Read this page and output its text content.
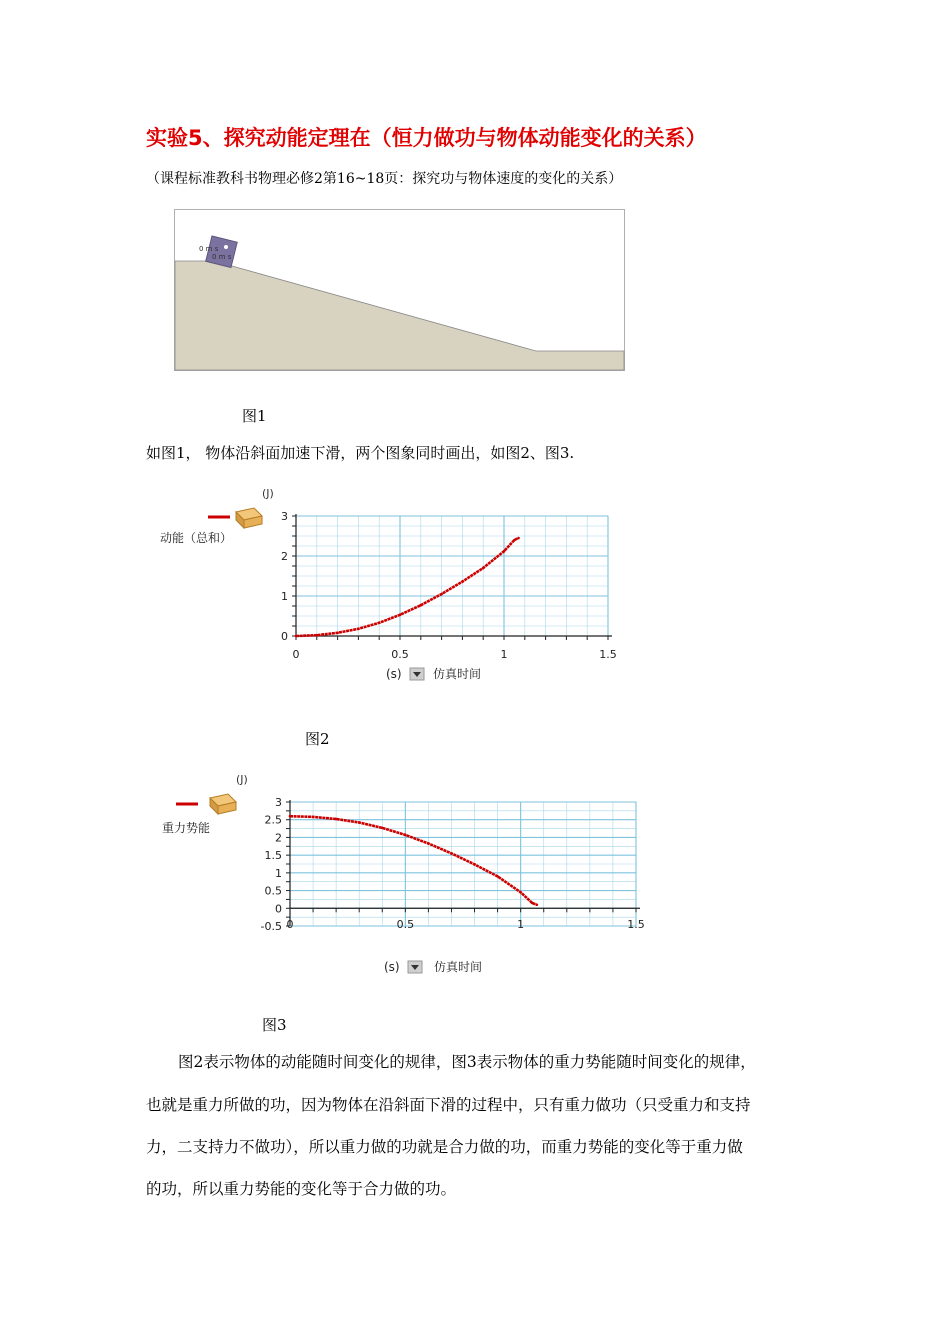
实验5、探究动能定理在（恒力做功与物体动能变化的关系）
（课程标准教科书物理必修2第16~18页：探究功与物体速度的变化的关系）
0 m s
0 m s
图1
如图1， 物体沿斜面加速下滑，两个图象同时画出，如图2、图3.
(J)
动能（总和）
0	0.5	1	1.5
0
1
2
3
(s)	仿真时间
图2
(J)
重力势能
0	0.5	1	1.5
-0.5
0
0.5
1
1.5
2
2.5
3
(s)	仿真时间
图3
图2表示物体的动能随时间变化的规律，图3表示物体的重力势能随时间变化的规律，
也就是重力所做的功，因为物体在沿斜面下滑的过程中，只有重力做功（只受重力和支持
力，二支持力不做功），所以重力做的功就是合力做的功，而重力势能的变化等于重力做
的功，所以重力势能的变化等于合力做的功。
